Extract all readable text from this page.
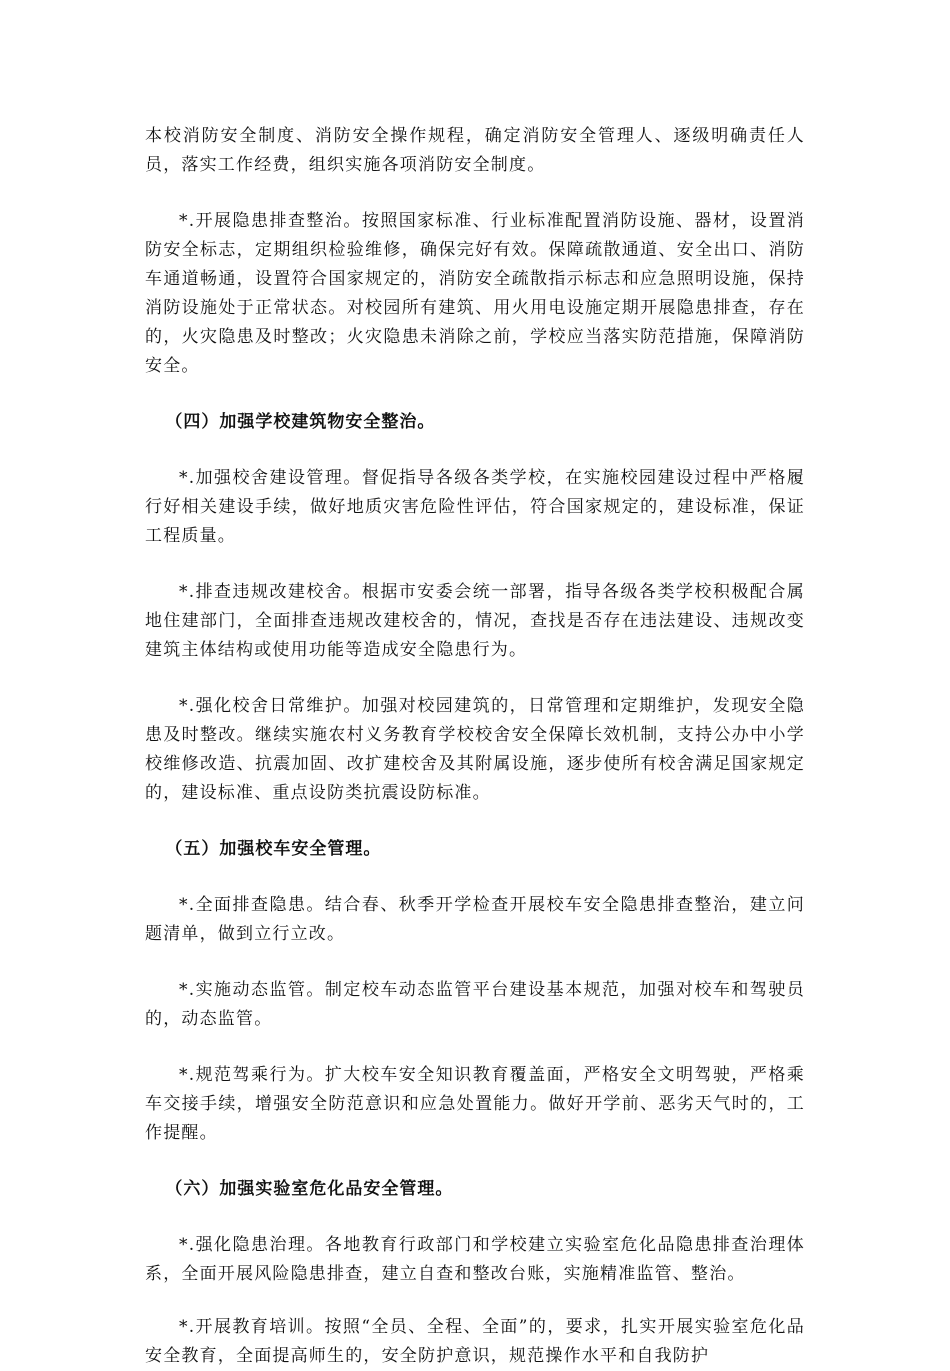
本校消防安全制度、消防安全操作规程，确定消防安全管理人、逐级明确责任人员，落实工作经费，组织实施各项消防安全制度。

*.开展隐患排查整治。按照国家标准、行业标准配置消防设施、器材，设置消防安全标志，定期组织检验维修，确保完好有效。保障疏散通道、安全出口、消防车通道畅通，设置符合国家规定的，消防安全疏散指示标志和应急照明设施，保持消防设施处于正常状态。对校园所有建筑、用火用电设施定期开展隐患排查，存在的，火灾隐患及时整改；火灾隐患未消除之前，学校应当落实防范措施，保障消防安全。

（四）加强学校建筑物安全整治。

*.加强校舍建设管理。督促指导各级各类学校，在实施校园建设过程中严格履行好相关建设手续，做好地质灾害危险性评估，符合国家规定的，建设标准，保证工程质量。

*.排查违规改建校舍。根据市安委会统一部署，指导各级各类学校积极配合属地住建部门，全面排查违规改建校舍的，情况，查找是否存在违法建设、违规改变建筑主体结构或使用功能等造成安全隐患行为。

*.强化校舍日常维护。加强对校园建筑的，日常管理和定期维护，发现安全隐患及时整改。继续实施农村义务教育学校校舍安全保障长效机制，支持公办中小学校维修改造、抗震加固、改扩建校舍及其附属设施，逐步使所有校舍满足国家规定的，建设标准、重点设防类抗震设防标准。

（五）加强校车安全管理。

*.全面排查隐患。结合春、秋季开学检查开展校车安全隐患排查整治，建立问题清单，做到立行立改。

*.实施动态监管。制定校车动态监管平台建设基本规范，加强对校车和驾驶员的，动态监管。

*.规范驾乘行为。扩大校车安全知识教育覆盖面，严格安全文明驾驶，严格乘车交接手续，增强安全防范意识和应急处置能力。做好开学前、恶劣天气时的，工作提醒。

（六）加强实验室危化品安全管理。

*.强化隐患治理。各地教育行政部门和学校建立实验室危化品隐患排查治理体系，全面开展风险隐患排查，建立自查和整改台账，实施精准监管、整治。

*.开展教育培训。按照“全员、全程、全面”的，要求，扎实开展实验室危化品安全教育，全面提高师生的，安全防护意识，规范操作水平和自我防护
